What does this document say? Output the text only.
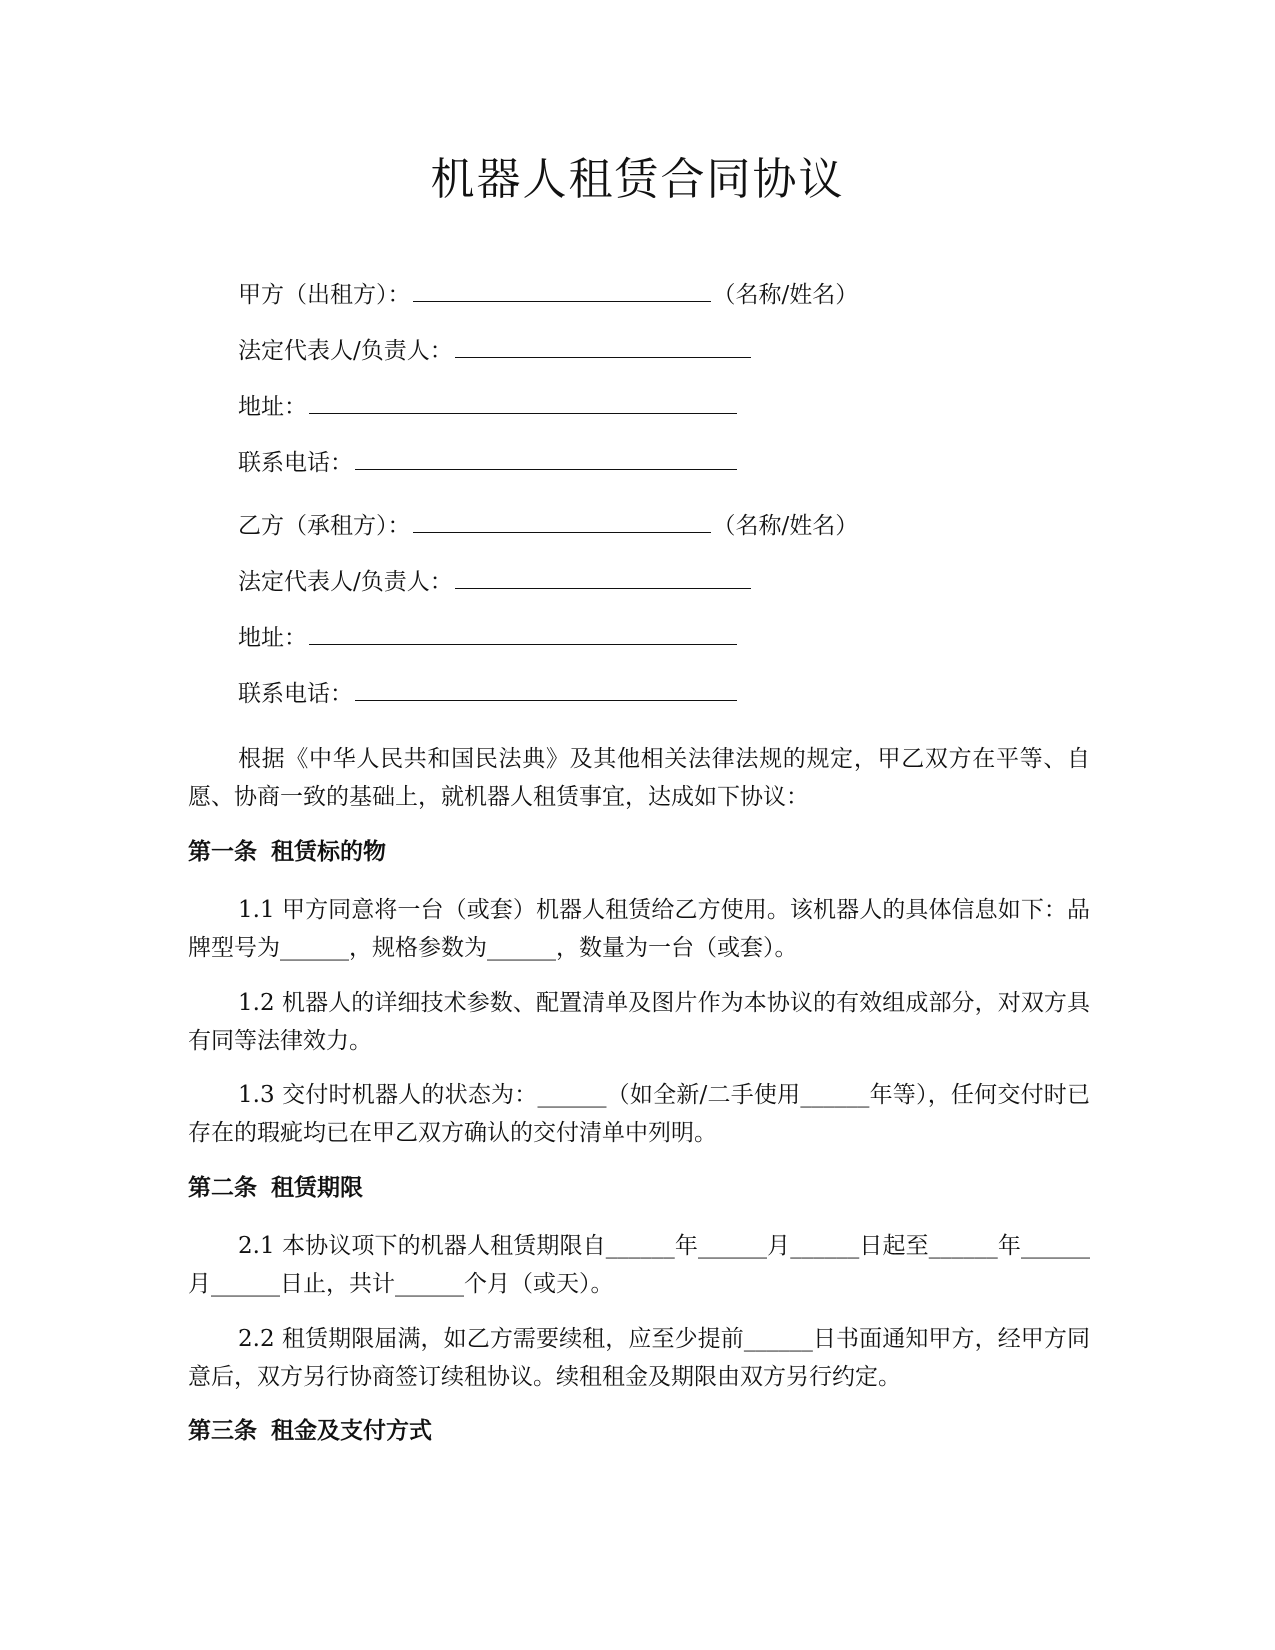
机器人租赁合同协议
甲方（出租方）：	（名称/姓名）
法定代表人/负责人：
地址：
联系电话：
乙方（承租方）：	（名称/姓名）
法定代表人/负责人：
地址：
联系电话：
根据《中华人民共和国民法典》及其他相关法律法规的规定，甲乙双方在平等、自愿、协商一致的基础上，就机器人租赁事宜，达成如下协议：
第一条 租赁标的物
1.1 甲方同意将一台（或套）机器人租赁给乙方使用。该机器人的具体信息如下：品牌型号为______，规格参数为______，数量为一台（或套）。
1.2 机器人的详细技术参数、配置清单及图片作为本协议的有效组成部分，对双方具有同等法律效力。
1.3 交付时机器人的状态为：______（如全新/二手使用______年等），任何交付时已存在的瑕疵均已在甲乙双方确认的交付清单中列明。
第二条 租赁期限
2.1 本协议项下的机器人租赁期限自______年______月______日起至______年______月______日止，共计______个月（或天）。
2.2 租赁期限届满，如乙方需要续租，应至少提前______日书面通知甲方，经甲方同意后，双方另行协商签订续租协议。续租租金及期限由双方另行约定。
第三条 租金及支付方式
